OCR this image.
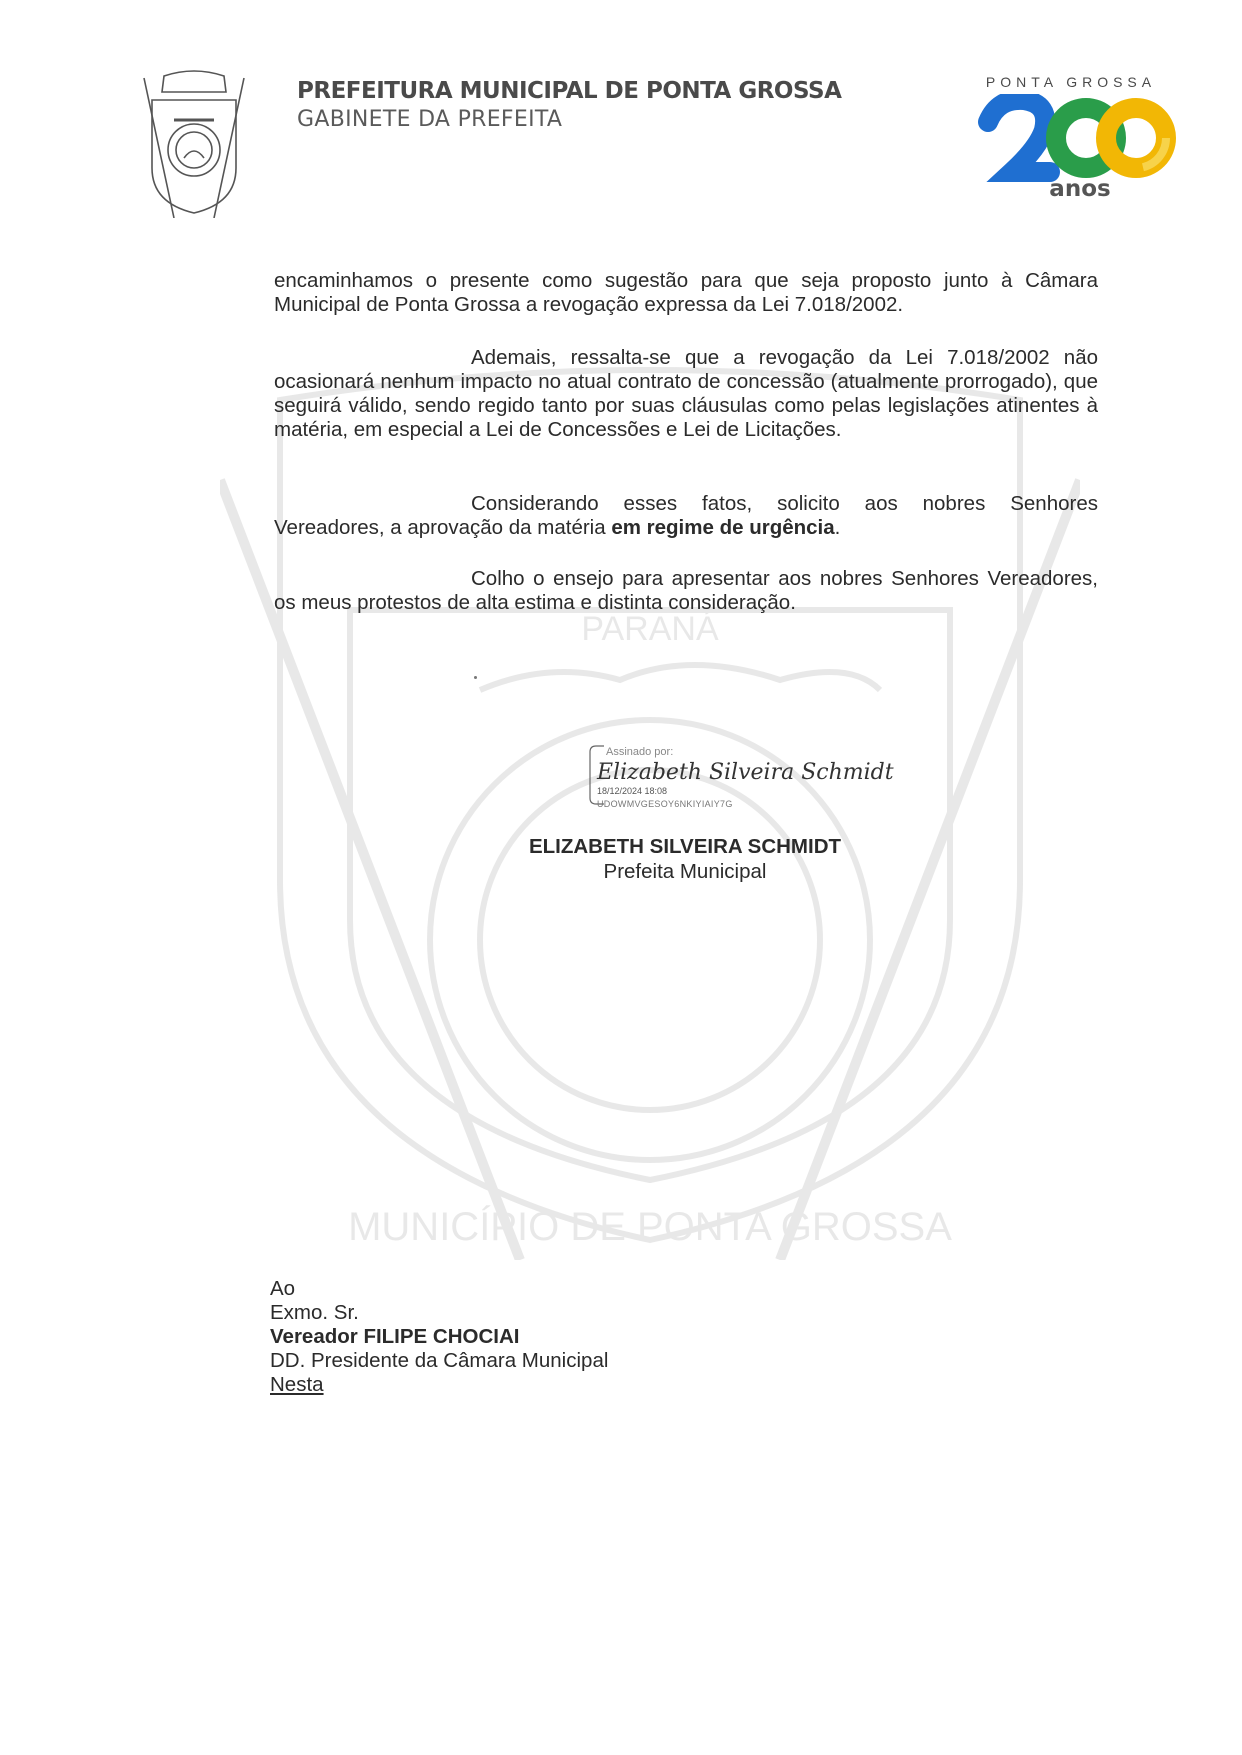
PARANÁ
MUNICÍPIO DE PONTA GROSSA
PREFEITURA MUNICIPAL DE PONTA GROSSA
GABINETE DA PREFEITA
PONTA GROSSA
anos

encaminhamos o presente como sugestão para que seja proposto junto à Câmara Municipal de Ponta Grossa a revogação expressa da Lei 7.018/2002.

Ademais, ressalta-se que a revogação da Lei 7.018/2002 não ocasionará nenhum impacto no atual contrato de concessão (atualmente prorrogado), que seguirá válido, sendo regido tanto por suas cláusulas como pelas legislações atinentes à matéria, em especial a Lei de Concessões e Lei de Licitações.

Considerando esses fatos, solicito aos nobres Senhores Vereadores, a aprovação da matéria em regime de urgência.

Colho o ensejo para apresentar aos nobres Senhores Vereadores, os meus protestos de alta estima e distinta consideração.

Assinado por:
Elizabeth Silveira Schmidt
18/12/2024 18:08
UDOWMVGESOY6NKIYIAIY7G
ELIZABETH SILVEIRA SCHMIDT
Prefeita Municipal
Ao
Exmo. Sr.
Vereador FILIPE CHOCIAI
DD. Presidente da Câmara Municipal
Nesta
